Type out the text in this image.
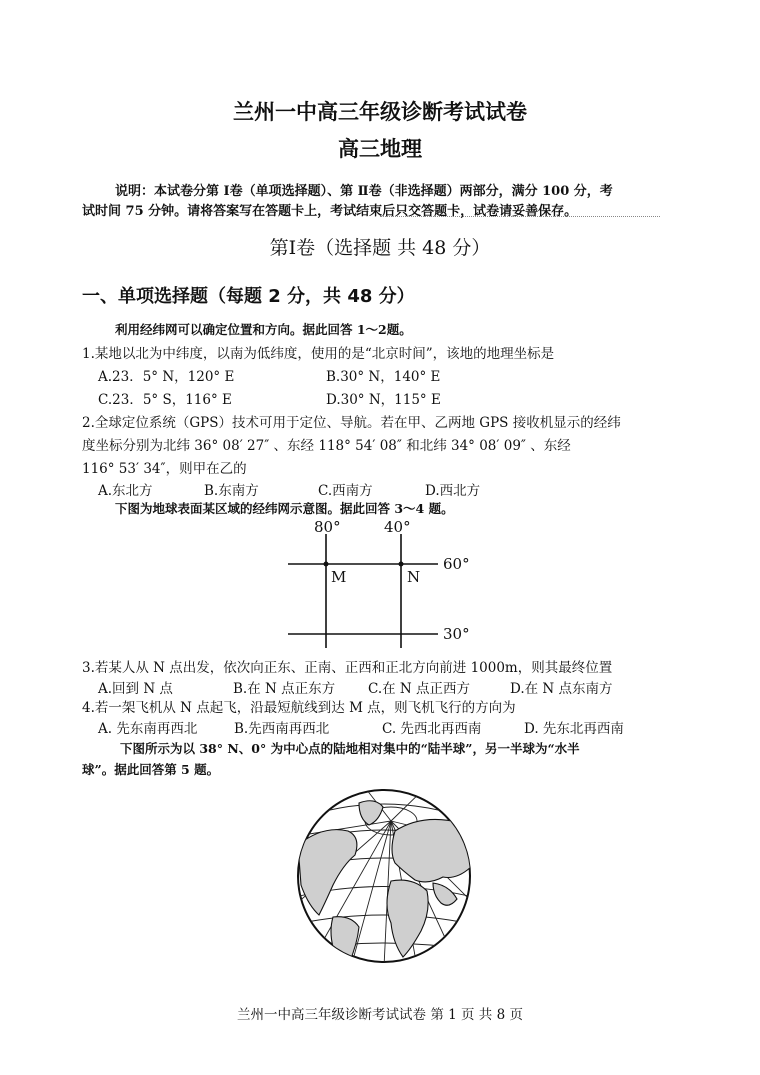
兰州一中高三年级诊断考试试卷
高三地理
说明：本试卷分第 Ⅰ卷（单项选择题）、第 Ⅱ卷（非选择题）两部分，满分 100 分，考
试时间 75 分钟。请将答案写在答题卡上，考试结束后只交答题卡，试卷请妥善保存。
第Ⅰ卷（选择题 共 48 分）
一、单项选择题（每题 2 分，共 48 分）
利用经纬网可以确定位置和方向。据此回答 1～2题。
1.某地以北为中纬度，以南为低纬度，使用的是“北京时间”，该地的地理坐标是
A.23．5° N，120° E	B.30° N，140° E
C.23．5° S，116° E	D.30° N，115° E
2.全球定位系统（GPS）技术可用于定位、导航。若在甲、乙两地 GPS 接收机显示的经纬
度坐标分别为北纬 36° 08′ 27″ 、东经 118° 54′ 08″ 和北纬 34° 08′ 09″ 、东经
116° 53′ 34″，则甲在乙的
A.东北方	B.东南方	C.西南方	D.西北方
下图为地球表面某区域的经纬网示意图。据此回答 3～4 题。
80°	40°
60°
30°
M	N
3.若某人从 N 点出发，依次向正东、正南、正西和正北方向前进 1000m，则其最终位置
A.回到 N 点	B.在 N 点正东方 C.在 N 点正西方	D.在 N 点东南方
4.若一架飞机从 N 点起飞，沿最短航线到达 M 点，则飞机飞行的方向为
A. 先东南再西北	B.先西南再西北	C. 先西北再西南	D. 先东北再西南
下图所示为以 38° N、0° 为中心点的陆地相对集中的“陆半球”，另一半球为“水半
球”。据此回答第 5 题。
兰州一中高三年级诊断考试试卷 第 1 页 共 8 页
